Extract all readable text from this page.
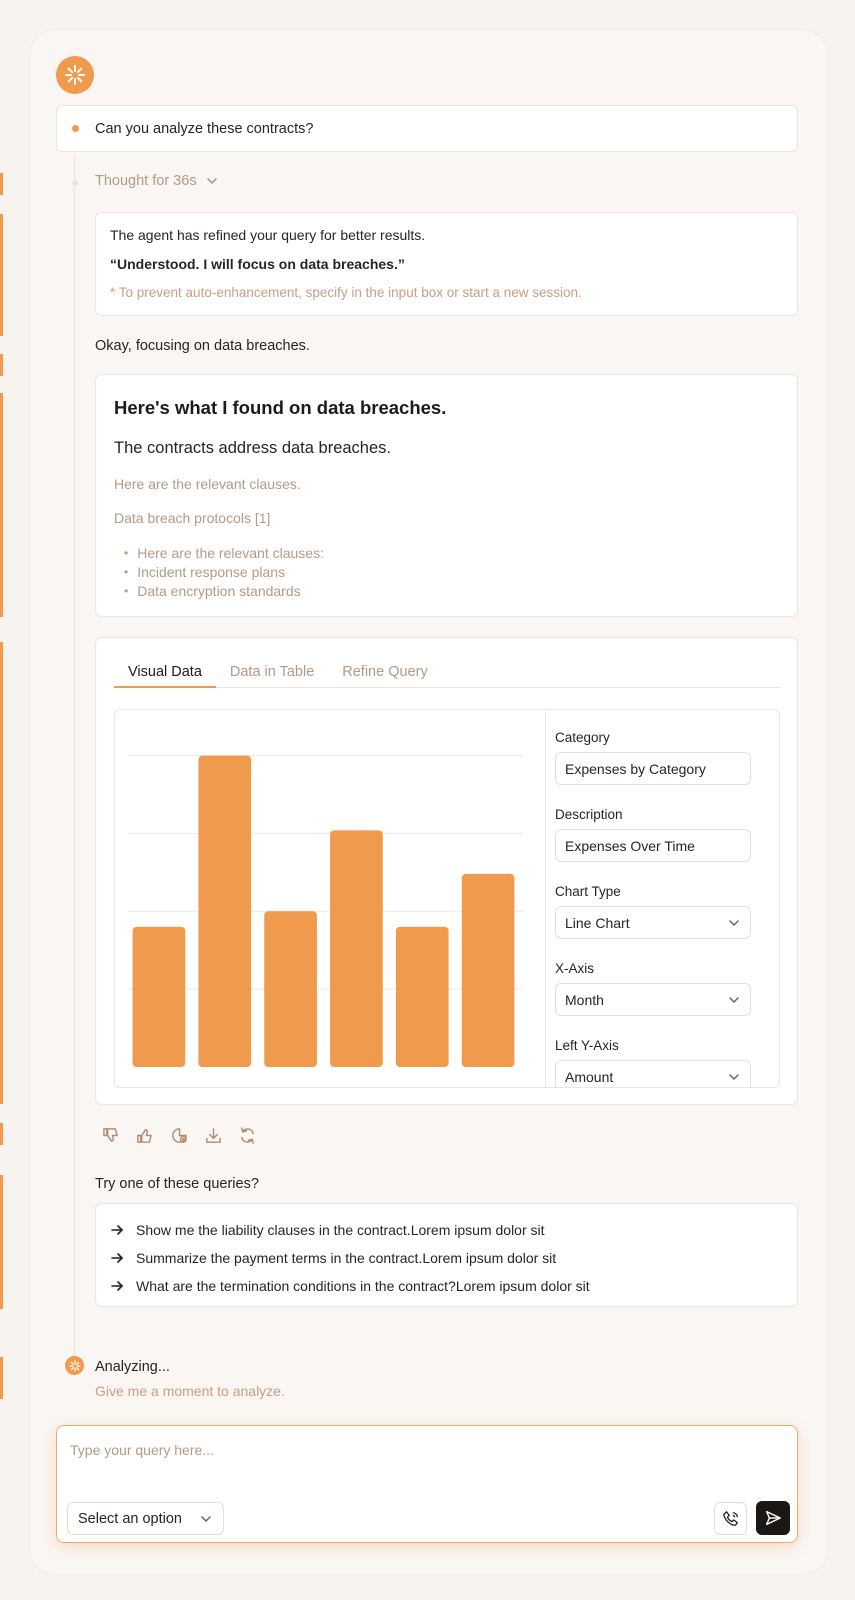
Can you analyze these contracts?
Thought for 36s
The agent has refined your query for better results.
“Understood. I will focus on data breaches.”
* To prevent auto-enhancement, specify in the input box or start a new session.
Okay, focusing on data breaches.
Here's what I found on data breaches.
The contracts address data breaches.
Here are the relevant clauses.
Data breach protocols [1]
• Here are the relevant clauses:
• Incident response plans
• Data encryption standards
Visual Data	Data in Table	Refine Query
Category
Expenses by Category
Description
Expenses Over Time
Chart Type
Line Chart
X-Axis
Month
Left Y-Axis
Amount
Try one of these queries?
Show me the liability clauses in the contract.Lorem ipsum dolor sit
Summarize the payment terms in the contract.Lorem ipsum dolor sit
What are the termination conditions in the contract?Lorem ipsum dolor sit
Analyzing...
Give me a moment to analyze.
Type your query here...
Select an option
